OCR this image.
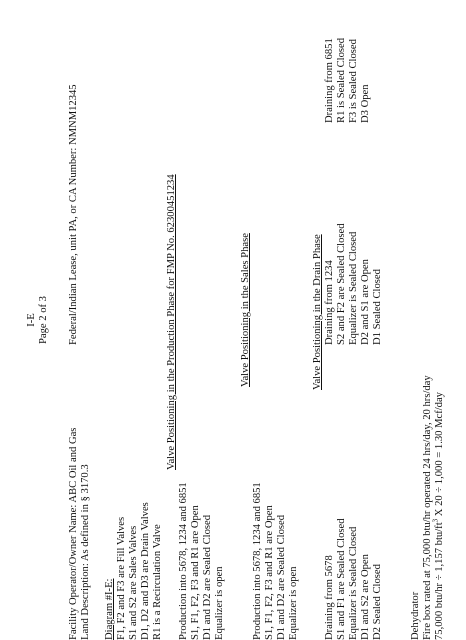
I-E Page 2 of 3
Facility Operator/Owner Name: ABC Oil and Gas
Federal/Indian Lease, unit PA, or CA Number: NMNM12345
Land Description: As defined in § 3170.3 Diagram #I-E: F1, F2 and F3 are Fill Valves S1 and S2 are Sales Valves D1, D2 and D3 are Drain Valves R1 is a Recirculation Valve

Valve Positioning in the Production Phase for FMP No. 62300451234

Production into 5678, 1234 and 6851 S1, F1, F2, F3 and R1 are Open D1 and D2 are Sealed Closed Equalizer is open

Valve Positioning in the Sales Phase

Production into 5678, 1234 and 6851 S1, F1, F2, F3 and R1 are Open D1 and D2 are Sealed Closed Equalizer is open

Valve Positioning in the Drain Phase

Draining from 5678 S1 and F1 are Sealed Closed Equalizer is Sealed Closed D1 and S2 are Open D2 Sealed Closed

Draining from 1234 S2 and F2 are Sealed Closed Equalizer is Sealed Closed D2 and S1 are Open D1 Sealed Closed

Draining from 6851 R1 is Sealed Closed F3 is Sealed Closed D3 Open

Dehydrator Fire box rated at 75,000 btu/hr operated 24 hrs/day, 20 hrs/day 75,000 btu/hr ÷ 1,157 btu/$ft^3$ X 20 ÷ 1,000 = 1.30 Mcf/day
